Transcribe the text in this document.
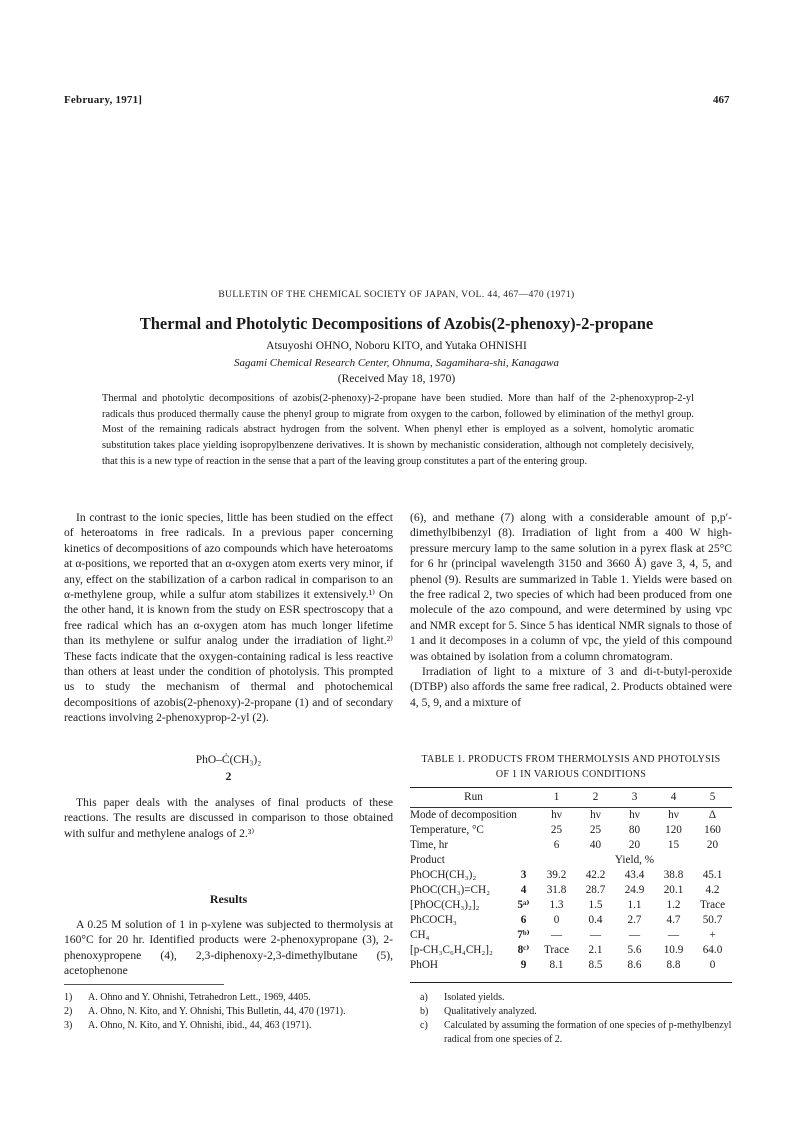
February, 1971]	467
BULLETIN OF THE CHEMICAL SOCIETY OF JAPAN, VOL. 44, 467—470 (1971)
Thermal and Photolytic Decompositions of Azobis(2-phenoxy)-2-propane
Atsuyoshi OHNO, Noboru KITO, and Yutaka OHNISHI
Sagami Chemical Research Center, Ohnuma, Sagamihara-shi, Kanagawa
(Received May 18, 1970)
Thermal and photolytic decompositions of azobis(2-phenoxy)-2-propane have been studied. More than half of the 2-phenoxyprop-2-yl radicals thus produced thermally cause the phenyl group to migrate from oxygen to the carbon, followed by elimination of the methyl group. Most of the remaining radicals abstract hydrogen from the solvent. When phenyl ether is employed as a solvent, homolytic aromatic substitution takes place yielding isopropylbenzene derivatives. It is shown by mechanistic consideration, although not completely decisively, that this is a new type of reaction in the sense that a part of the leaving group constitutes a part of the entering group.

In contrast to the ionic species, little has been studied on the effect of heteroatoms in free radicals. In a previous paper concerning kinetics of decompositions of azo compounds which have heteroatoms at α-positions, we reported that an α-oxygen atom exerts very minor, if any, effect on the stabilization of a carbon radical in comparison to an α-methylene group, while a sulfur atom stabilizes it extensively.¹⁾ On the other hand, it is known from the study on ESR spectroscopy that a free radical which has an α-oxygen atom has much longer lifetime than its methylene or sulfur analog under the irradiation of light.²⁾ These facts indicate that the oxygen-containing radical is less reactive than others at least under the condition of photolysis. This prompted us to study the mechanism of thermal and photochemical decompositions of azobis(2-phenoxy)-2-propane (1) and of secondary reactions involving 2-phenoxyprop-2-yl (2).

PhO–Ċ(CH₃)₂
2

This paper deals with the analyses of final products of these reactions. The results are discussed in comparison to those obtained with sulfur and methylene analogs of 2.³⁾

Results

A 0.25 M solution of 1 in p-xylene was subjected to thermolysis at 160°C for 20 hr. Identified products were 2-phenoxypropane (3), 2-phenoxypropene (4), 2,3-diphenoxy-2,3-dimethylbutane (5), acetophenone

1)	A. Ohno and Y. Ohnishi, Tetrahedron Lett., 1969, 4405.
2)	A. Ohno, N. Kito, and Y. Ohnishi, This Bulletin, 44, 470 (1971).
3)	A. Ohno, N. Kito, and Y. Ohnishi, ibid., 44, 463 (1971).

(6), and methane (7) along with a considerable amount of p,p′-dimethylbibenzyl (8). Irradiation of light from a 400 W high-pressure mercury lamp to the same solution in a pyrex flask at 25°C for 6 hr (principal wavelength 3150 and 3660 Å) gave 3, 4, 5, and phenol (9). Results are summarized in Table 1. Yields were based on the free radical 2, two species of which had been produced from one molecule of the azo compound, and were determined by using vpc and NMR except for 5. Since 5 has identical NMR signals to those of 1 and it decomposes in a column of vpc, the yield of this compound was obtained by isolation from a column chromatogram.

Irradiation of light to a mixture of 3 and di-t-butyl-peroxide (DTBP) also affords the same free radical, 2. Products obtained were 4, 5, 9, and a mixture of

TABLE 1. PRODUCTS FROM THERMOLYSIS AND PHOTOLYSIS
OF 1 IN VARIOUS CONDITIONS
Run		1	2	3	4	5
Mode of decomposition		hν	hν	hν	hν	Δ
Temperature, °C		25	25	80	120	160
Time, hr		6	40	20	15	20
Product		Yield, %				
PhOCH(CH₃)₂	3	39.2	42.2	43.4	38.8	45.1
PhOC(CH₃)=CH₂	4	31.8	28.7	24.9	20.1	4.2
[PhOC(CH₃)₂]₂	5ᵃ⁾	1.3	1.5	1.1	1.2	Trace
PhCOCH₃	6	0	0.4	2.7	4.7	50.7
CH₄	7ᵇ⁾	—	—	—	—	+
[p-CH₃C₆H₄CH₂]₂	8ᶜ⁾	Trace	2.1	5.6	10.9	64.0
PhOH	9	8.1	8.5	8.6	8.8	0
a)	Isolated yields.
b)	Qualitatively analyzed.
c)	Calculated by assuming the formation of one species of p-methylbenzyl radical from one species of 2.
